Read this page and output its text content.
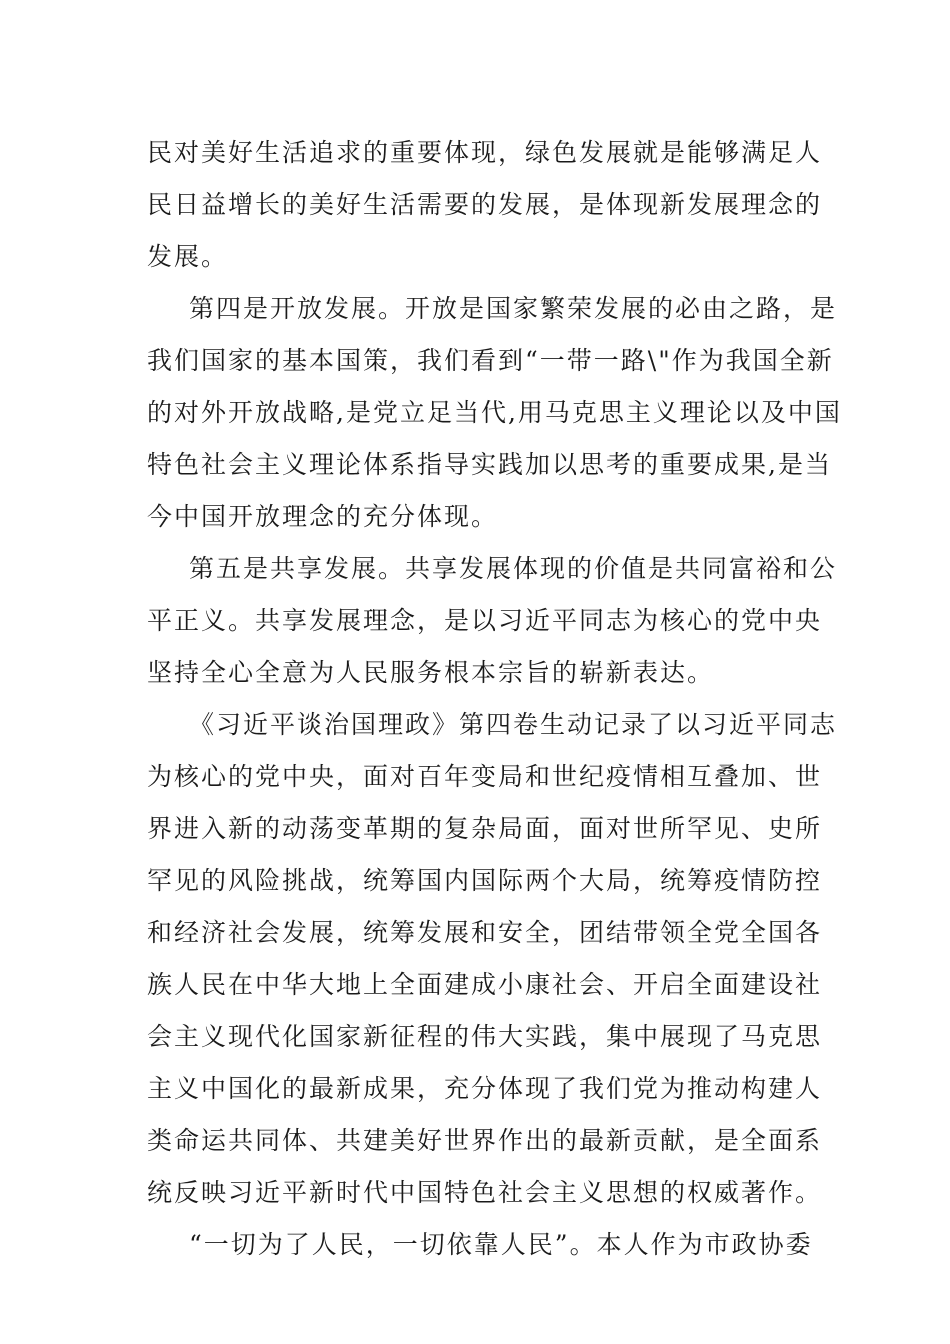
民对美好生活追求的重要体现，绿色发展就是能够满足人
民日益增长的美好生活需要的发展，是体现新发展理念的
发展。
第四是开放发展。开放是国家繁荣发展的必由之路，是
我们国家的基本国策，我们看到“一带一路\"作为我国全新
的对外开放战略,是党立足当代,用马克思主义理论以及中国
特色社会主义理论体系指导实践加以思考的重要成果,是当
今中国开放理念的充分体现。
第五是共享发展。共享发展体现的价值是共同富裕和公
平正义。共享发展理念，是以习近平同志为核心的党中央
坚持全心全意为人民服务根本宗旨的崭新表达。
《习近平谈治国理政》第四卷生动记录了以习近平同志
为核心的党中央，面对百年变局和世纪疫情相互叠加、世
界进入新的动荡变革期的复杂局面，面对世所罕见、史所
罕见的风险挑战，统筹国内国际两个大局，统筹疫情防控
和经济社会发展，统筹发展和安全，团结带领全党全国各
族人民在中华大地上全面建成小康社会、开启全面建设社
会主义现代化国家新征程的伟大实践，集中展现了马克思
主义中国化的最新成果，充分体现了我们党为推动构建人
类命运共同体、共建美好世界作出的最新贡献，是全面系
统反映习近平新时代中国特色社会主义思想的权威著作。
“一切为了人民，一切依靠人民”。本人作为市政协委
